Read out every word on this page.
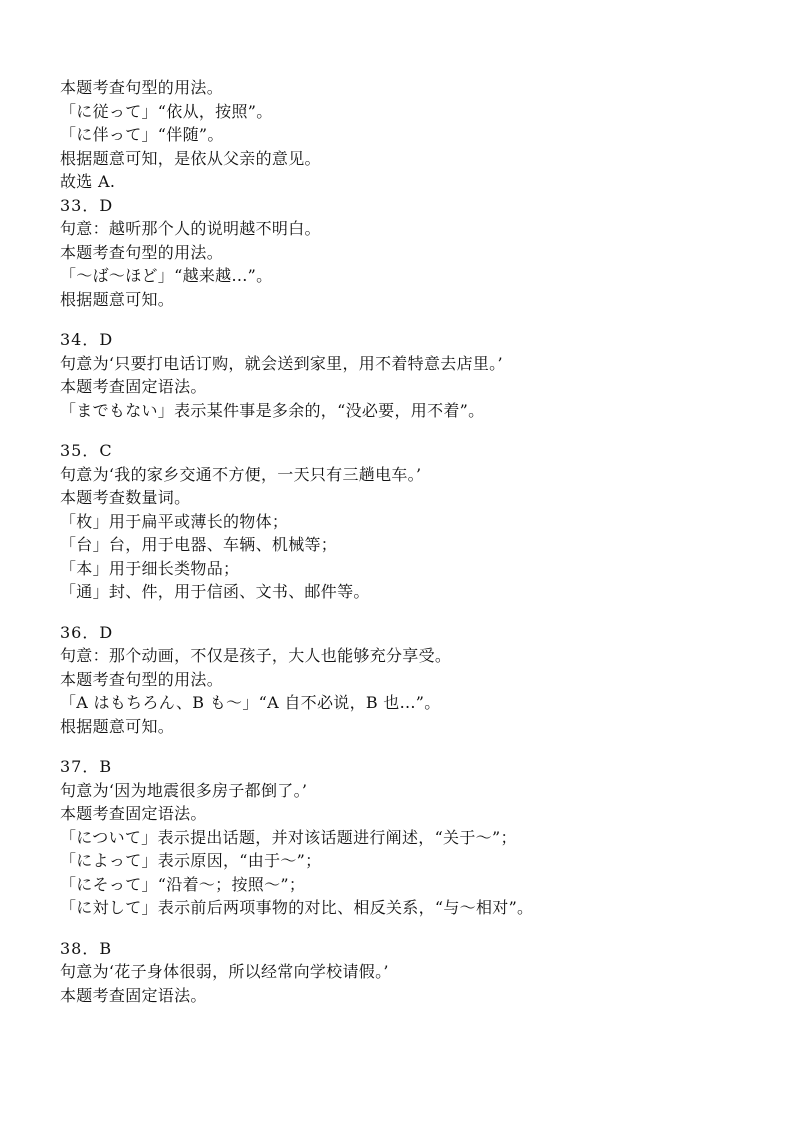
本题考查句型的用法。
「に従って」“依从，按照”。
「に伴って」“伴随”。
根据题意可知，是依从父亲的意见。
故选 A.
33．D
句意：越听那个人的说明越不明白。
本题考查句型的用法。
「～ば～ほど」“越来越...”。
根据题意可知。
34．D
句意为‘只要打电话订购，就会送到家里，用不着特意去店里。’
本题考查固定语法。
「までもない」表示某件事是多余的，“没必要，用不着”。
35．C
句意为‘我的家乡交通不方便，一天只有三趟电车。’
本题考查数量词。
「枚」用于扁平或薄长的物体；
「台」台，用于电器、车辆、机械等；
「本」用于细长类物品；
「通」封、件，用于信函、文书、邮件等。
36．D
句意：那个动画，不仅是孩子，大人也能够充分享受。
本题考查句型的用法。
「A はもちろん、B も～」“A 自不必说，B 也...”。
根据题意可知。
37．B
句意为‘因为地震很多房子都倒了。’
本题考查固定语法。
「について」表示提出话题，并对该话题进行阐述，“关于～”；
「によって」表示原因，“由于～”；
「にそって」“沿着～；按照～”；
「に対して」表示前后两项事物的对比、相反关系，“与～相对”。
38．B
句意为‘花子身体很弱，所以经常向学校请假。’
本题考查固定语法。
